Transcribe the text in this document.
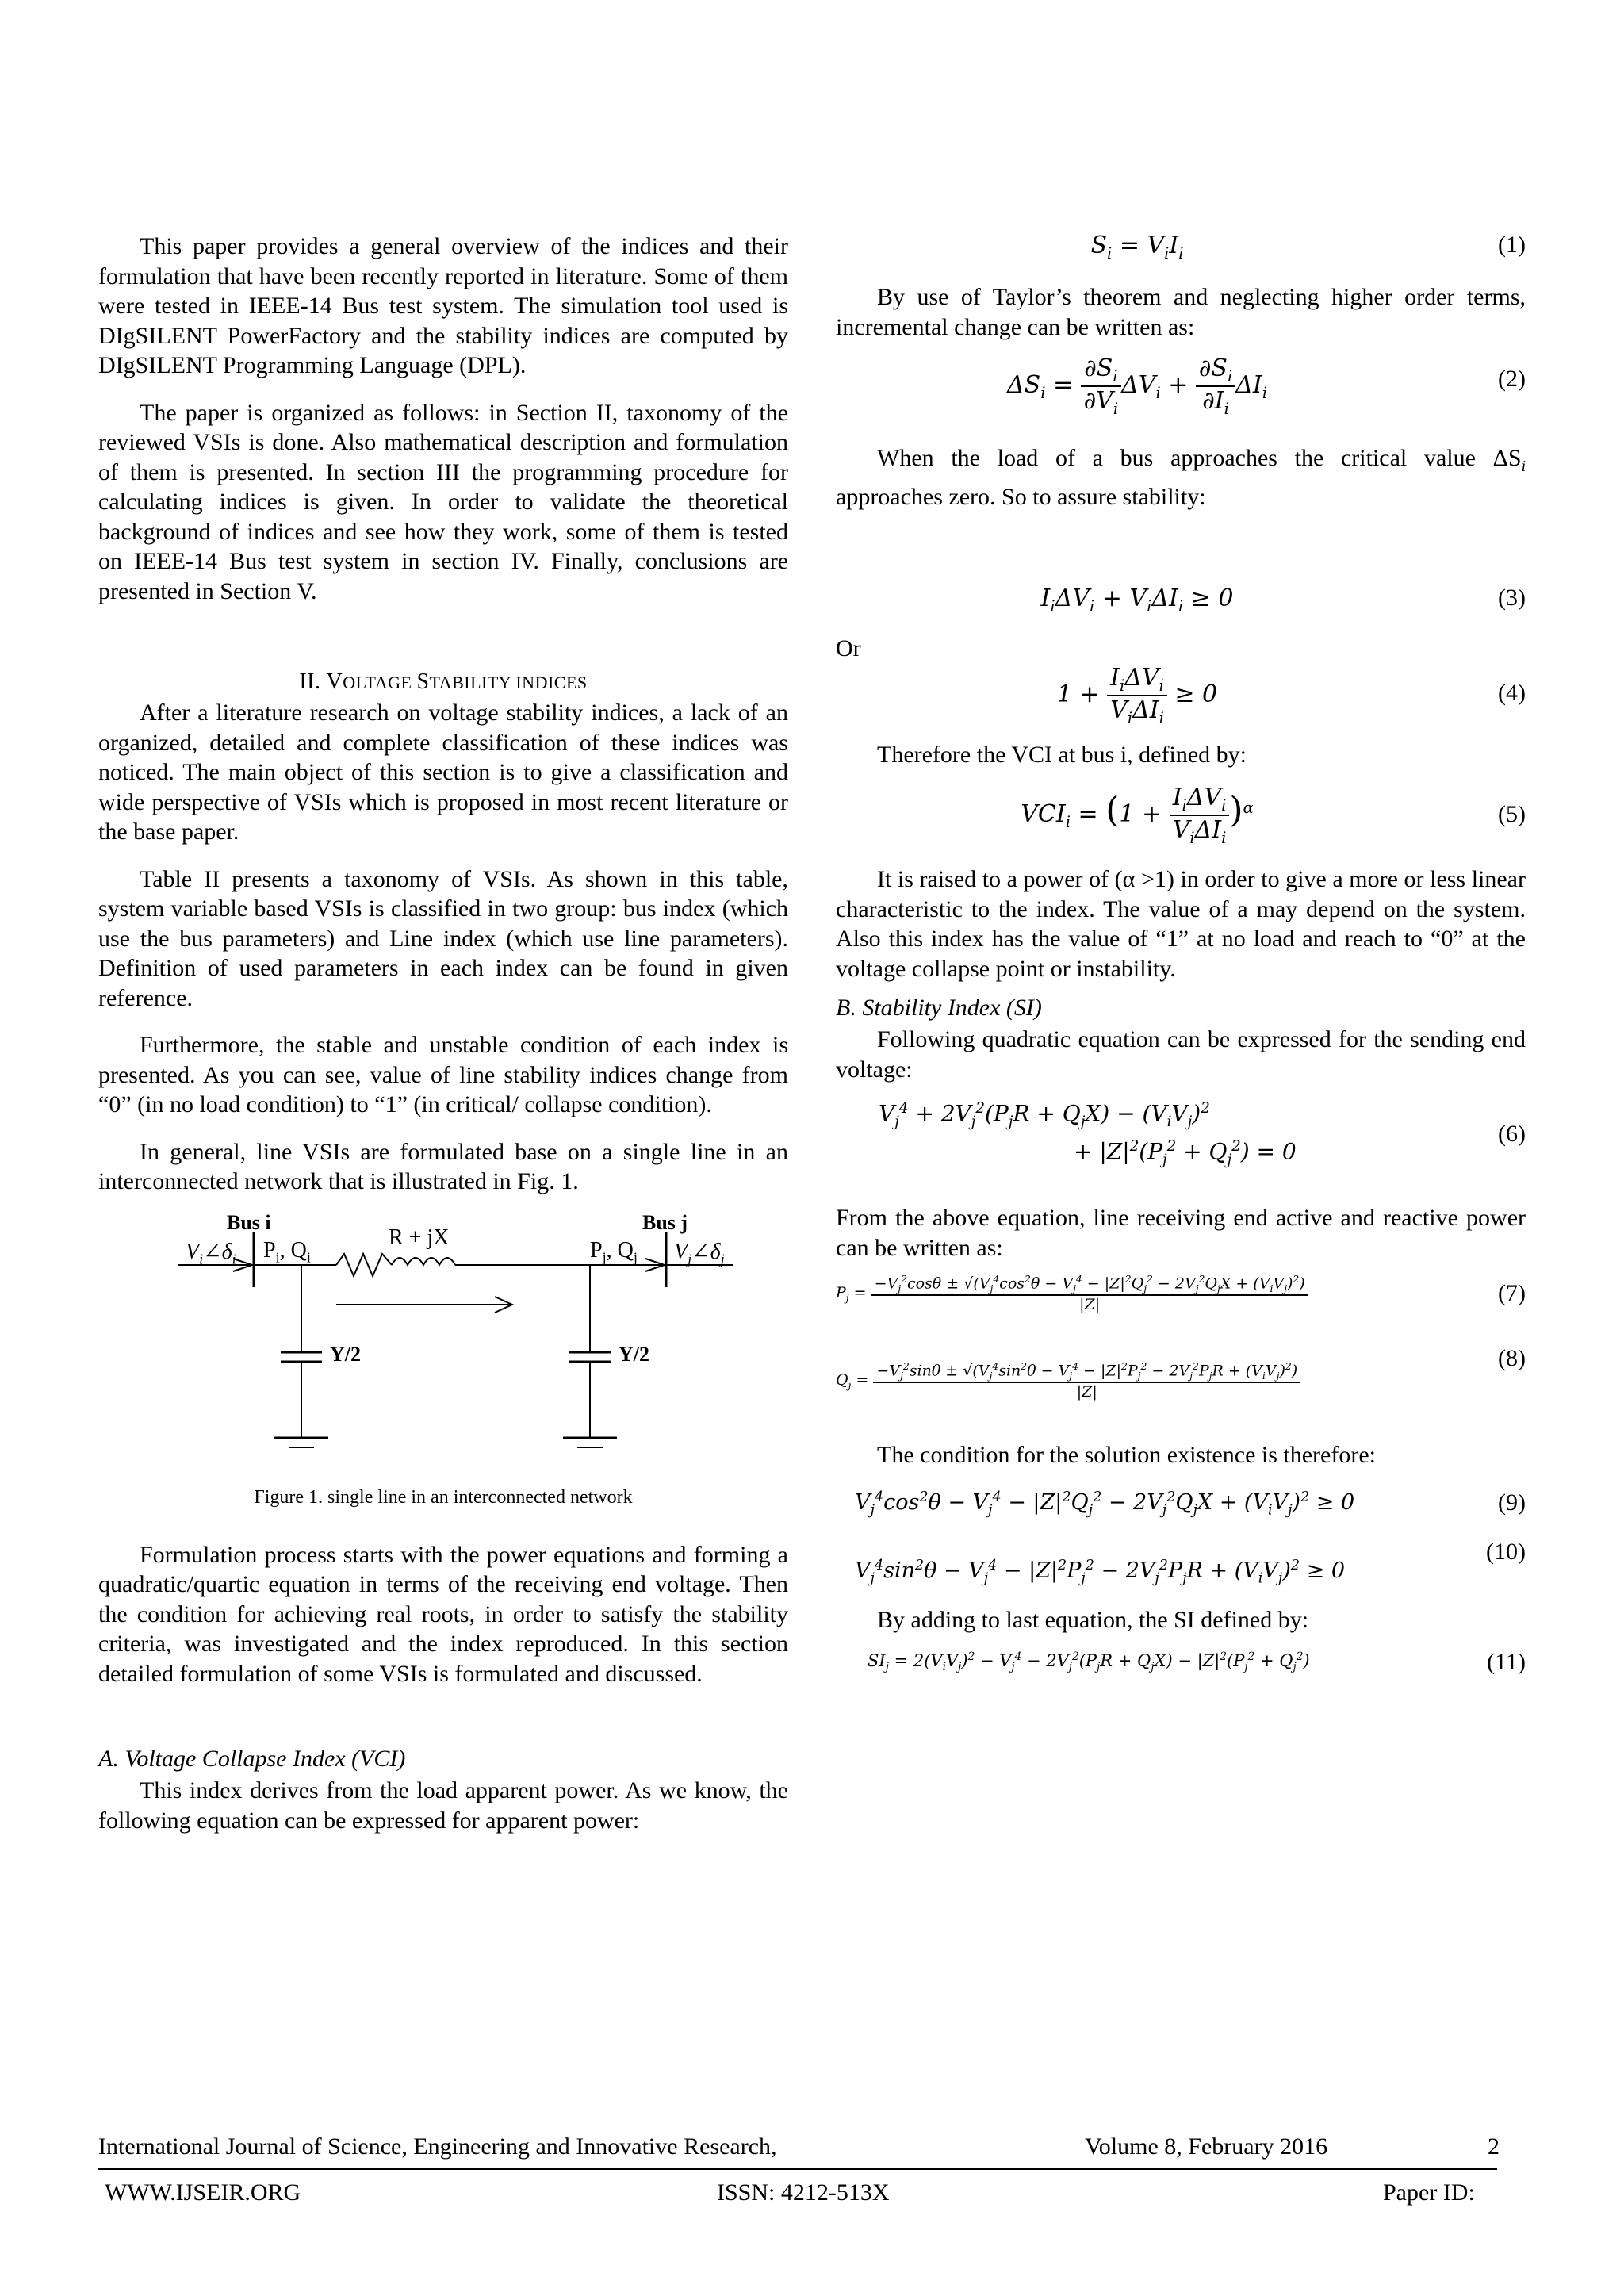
This paper provides a general overview of the indices and their formulation that have been recently reported in literature. Some of them were tested in IEEE-14 Bus test system. The simulation tool used is DIgSILENT PowerFactory and the stability indices are computed by DIgSILENT Programming Language (DPL).

The paper is organized as follows: in Section II, taxonomy of the reviewed VSIs is done. Also mathematical description and formulation of them is presented. In section III the programming procedure for calculating indices is given. In order to validate the theoretical background of indices and see how they work, some of them is tested on IEEE-14 Bus test system in section IV. Finally, conclusions are presented in Section V.

II. VOLTAGE STABILITY INDICES

After a literature research on voltage stability indices, a lack of an organized, detailed and complete classification of these indices was noticed. The main object of this section is to give a classification and wide perspective of VSIs which is proposed in most recent literature or the base paper.

Table II presents a taxonomy of VSIs. As shown in this table, system variable based VSIs is classified in two group: bus index (which use the bus parameters) and Line index (which use line parameters). Definition of used parameters in each index can be found in given reference.

Furthermore, the stable and unstable condition of each index is presented. As you can see, value of line stability indices change from “0” (in no load condition) to “1” (in critical/ collapse condition).

In general, line VSIs are formulated base on a single line in an interconnected network that is illustrated in Fig. 1.

Bus i	Bus j
$V_i\angle\delta_i$ $P_i$, $Q_i$
R + jX
$P_j$, $Q_j$ $V_j\angle\delta_j$
Y/2	Y/2

Figure 1. single line in an interconnected network

Formulation process starts with the power equations and forming a quadratic/quartic equation in terms of the receiving end voltage. Then the condition for achieving real roots, in order to satisfy the stability criteria, was investigated and the index reproduced. In this section detailed formulation of some VSIs is formulated and discussed.

A. Voltage Collapse Index (VCI)

This index derives from the load apparent power. As we know, the following equation can be expressed for apparent power:

$S_i = V_iI_i$	(1)

By use of Taylor’s theorem and neglecting higher order terms, incremental change can be written as:

$\Delta S_i = \frac{\partial S_i}{\partial V_i} \Delta V_i + \frac{\partial S_i}{\partial I_i} \Delta I_i$
(2)

When the load of a bus approaches the critical value $\Delta S_i$ approaches zero. So to assure stability:

$I_i\Delta V_i + V_i\Delta I_i \ge 0$	(3)

Or

$1 + \frac{I_i\Delta V_i}{V_i\Delta I_i} \ge 0$	(4)

Therefore the VCI at bus i, defined by:

$VCI_i = (1 + \frac{I_i\Delta V_i}{V_i\Delta I_i} )^\alpha$	(5)

It is raised to a power of (α >1) in order to give a more or less linear characteristic to the index. The value of a may depend on the system. Also this index has the value of “1” at no load and reach to “0” at the voltage collapse point or instability.

B. Stability Index (SI)

Following quadratic equation can be expressed for the sending end voltage:

$V_j^4 + 2V_j^2(P_jR + Q_jX) - (V_iV_j)^2$
+ $|Z|^2(P_j^2 + Q_j^2) = 0$
(6)

From the above equation, line receiving end active and reactive power can be written as:

$P_j = \frac{-V_j^2\cos\theta \pm √(V_j^4\cos^2\theta - V_j^4 - |Z|^2Q_j^2 - 2V_j^2Q_jX + (V_iV_j)^2)}{|Z|}$	(7)
$Q_j = \frac{-V_j^2\sin\theta \pm √(V_j^4\sin^2\theta - V_j^4 - |Z|^2P_j^2 - 2V_j^2P_jR + (V_iV_j)^2)}{|Z|}$
(8)

The condition for the solution existence is therefore:

$V_j^4\cos^2\theta - V_j^4 - |Z|^2Q_j^2 - 2V_j^2Q_jX + (V_iV_j)^2 \ge 0$	(9)
$V_j^4\sin^2\theta - V_j^4 - |Z|^2P_j^2 - 2V_j^2P_jR + (V_iV_j)^2 \ge 0$
(10)

By adding to last equation, the SI defined by:

$SI_j = 2(V_iV_j)^2 - V_j^4 - 2V_j^2(P_jR + Q_jX) - |Z|^2(P_j^2 + Q_j^2)$	(11)
International Journal of Science, Engineering and Innovative Research,	Volume 8, February 2016	2
WWW.IJSEIR.ORG	ISSN: 4212-513X	Paper ID:
